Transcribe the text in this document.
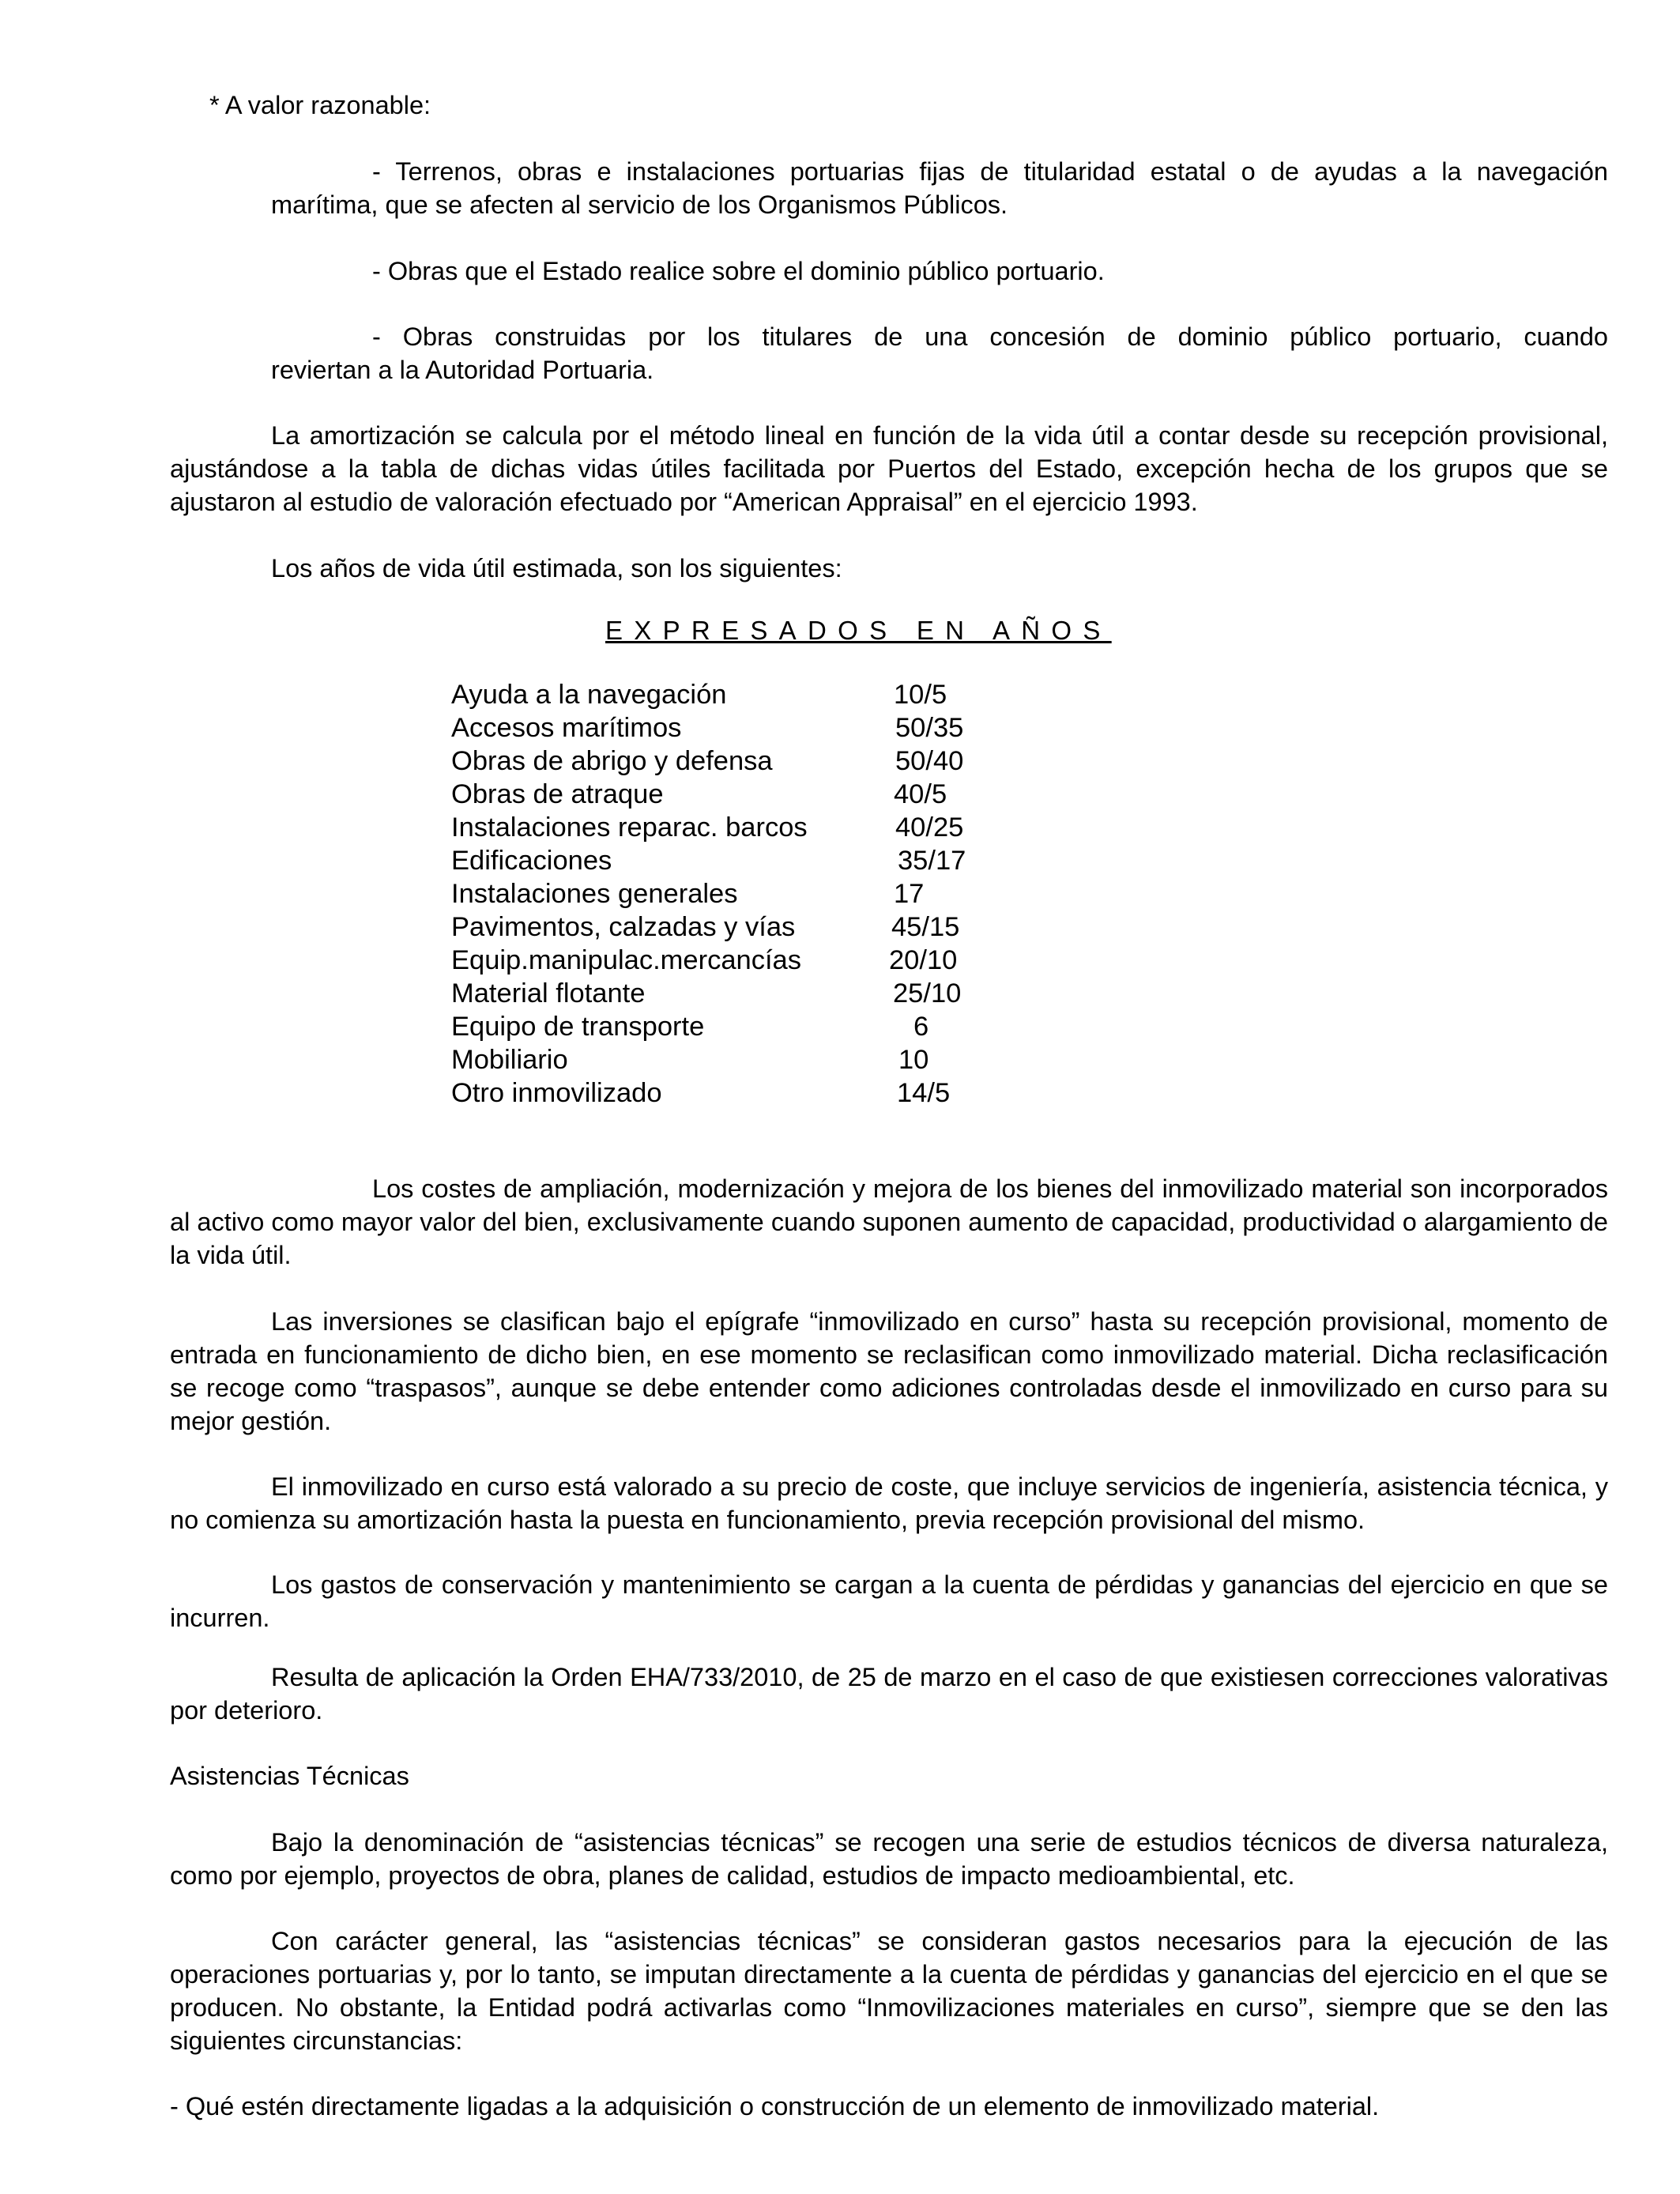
* A valor razonable:

- Terrenos, obras e instalaciones portuarias fijas de titularidad estatal o de ayudas a la navegación

marítima, que se afecten al servicio de los Organismos Públicos.

- Obras que el Estado realice sobre el dominio público portuario.

- Obras construidas por los titulares de una concesión de dominio público portuario, cuando

reviertan a la Autoridad Portuaria.

La amortización se calcula por el método lineal en función de la vida útil a contar desde su recepción provisional, ajustándose a la tabla de dichas vidas útiles facilitada por Puertos del Estado, excepción hecha de los grupos que se ajustaron al estudio de valoración efectuado por “American Appraisal” en el ejercicio 1993.
Los años de vida útil estimada, son los siguientes:
EXPRESADOS EN AÑOS
Ayuda a la navegación	10/5
Accesos marítimos	50/35
Obras de abrigo y defensa	50/40
Obras de atraque	40/5
Instalaciones reparac. barcos	40/25
Edificaciones	35/17
Instalaciones generales	17
Pavimentos, calzadas y vías	45/15
Equip.manipulac.mercancías	20/10
Material flotante	25/10
Equipo de transporte	6
Mobiliario	10
Otro inmovilizado	14/5
Los costes de ampliación, modernización y mejora de los bienes del inmovilizado material son incorporados al activo como mayor valor del bien, exclusivamente cuando suponen aumento de capacidad, productividad o alargamiento de la vida útil.
Las inversiones se clasifican bajo el epígrafe “inmovilizado en curso” hasta su recepción provisional, momento de entrada en funcionamiento de dicho bien, en ese momento se reclasifican como inmovilizado material. Dicha reclasificación se recoge como “traspasos”, aunque se debe entender como adiciones controladas desde el inmovilizado en curso para su mejor gestión.
El inmovilizado en curso está valorado a su precio de coste, que incluye servicios de ingeniería, asistencia técnica, y no comienza su amortización hasta la puesta en funcionamiento, previa recepción provisional del mismo.
Los gastos de conservación y mantenimiento se cargan a la cuenta de pérdidas y ganancias del ejercicio en que se incurren.
Resulta de aplicación la Orden EHA/733/2010, de 25 de marzo en el caso de que existiesen correcciones valorativas por deterioro.
Asistencias Técnicas
Bajo la denominación de “asistencias técnicas” se recogen una serie de estudios técnicos de diversa naturaleza, como por ejemplo, proyectos de obra, planes de calidad, estudios de impacto medioambiental, etc.
Con carácter general, las “asistencias técnicas” se consideran gastos necesarios para la ejecución de las operaciones portuarias y, por lo tanto, se imputan directamente a la cuenta de pérdidas y ganancias del ejercicio en el que se producen. No obstante, la Entidad podrá activarlas como “Inmovilizaciones materiales en curso”, siempre que se den las siguientes circunstancias:
- Qué estén directamente ligadas a la adquisición o construcción de un elemento de inmovilizado material.
